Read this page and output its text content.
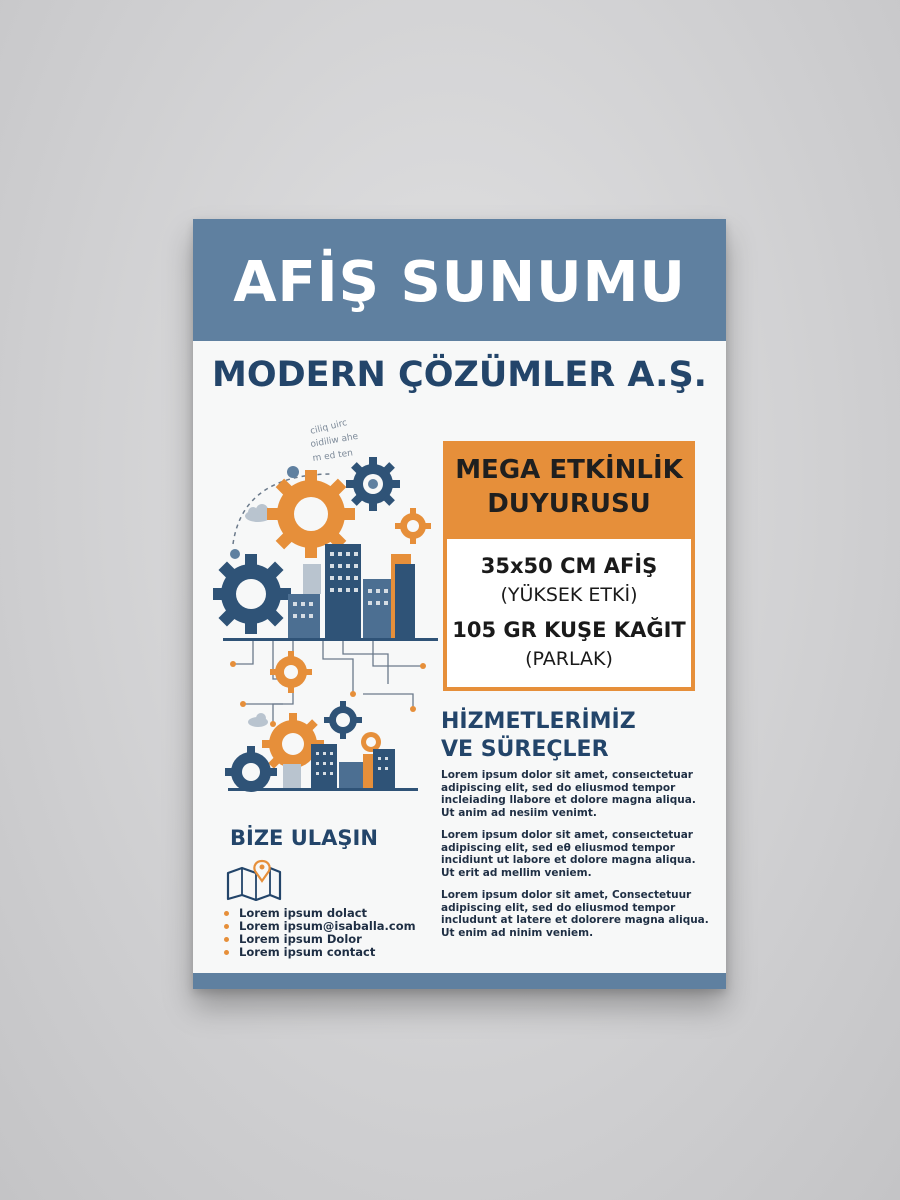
AFİŞ SUNUMU
MODERN ÇÖZÜMLER A.Ş.
ciliq uirc
oidiliw ahe
m ed ten	MEGA ETKİNLİK
DUYURUSU
35x50 CM AFİŞ
(YÜKSEK ETKİ)
105 GR KUŞE KAĞIT
(PARLAK)
HİZMETLERİMİZ
VE SÜREÇLER
Lorem ipsum dolor sit amet, conseıctetuar
adipiscing elit, sed do eliusmod tempor
incleiading llabore et dolore magna aliqua.
Ut anim ad nesiim venimt.
Lorem ipsum dolor sit amet, conseıctetuar
adipiscing elit, sed eθ eliusmod tempor
incidiunt ut labore et dolore magna aliqua.
Ut erit ad mellim veniem.
Lorem ipsum dolor sit amet, Consectetuur
adipiscing elit, sed do eliusmod tempor
includunt at latere et dolorere magna aliqua.
Ut enim ad ninim veniem.
BİZE ULAŞIN
Lorem ipsum dolact
Lorem ipsum@isaballa.com
Lorem ipsum Dolor
Lorem ipsum contact
